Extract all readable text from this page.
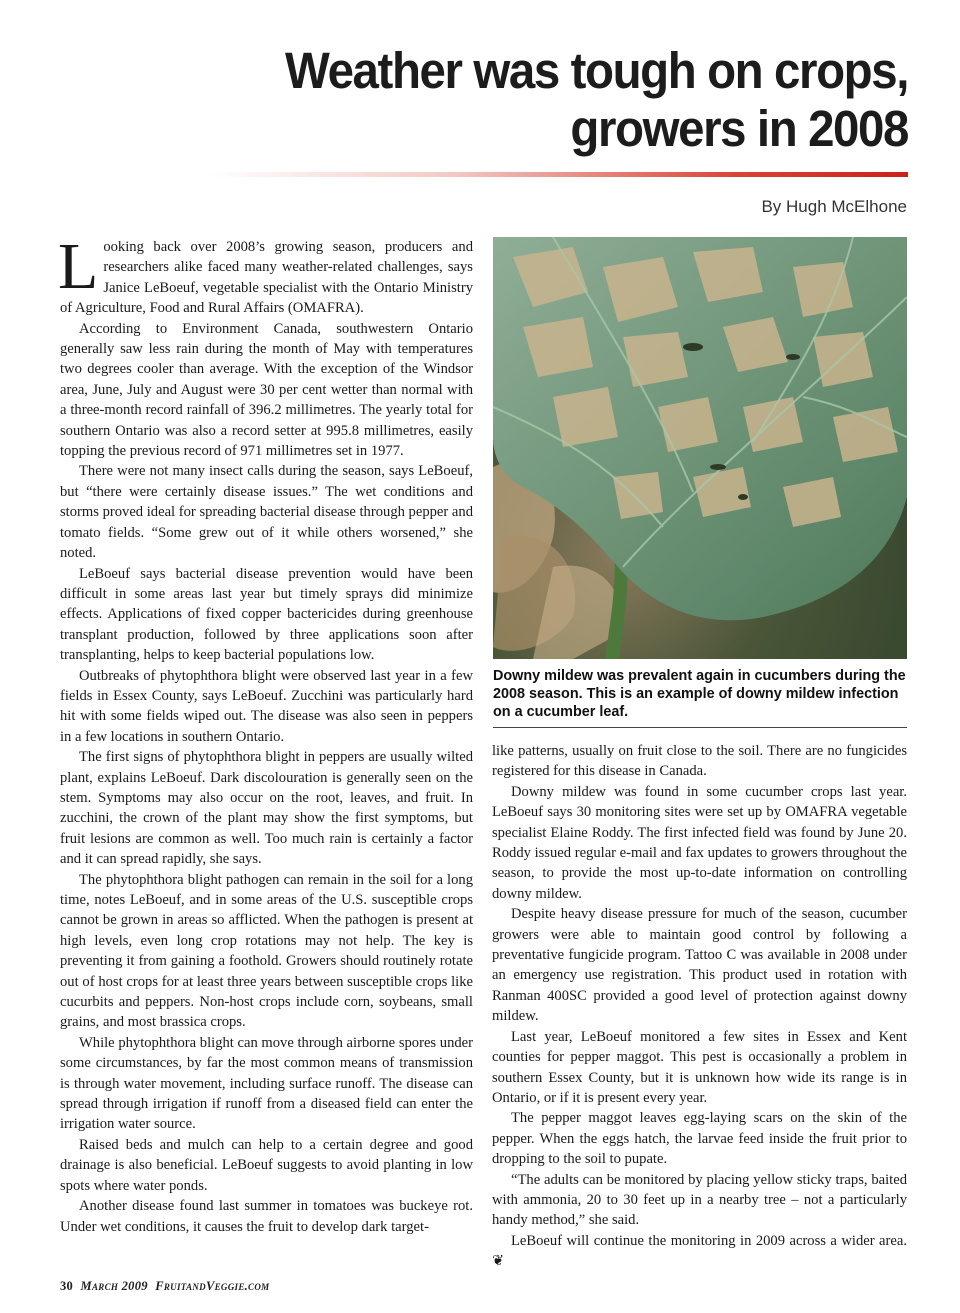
Weather was tough on crops,
growers in 2008
By Hugh McElhone

Looking back over 2008’s growing season, producers and researchers alike faced many weather-related challenges, says Janice LeBoeuf, vegetable specialist with the Ontario Ministry of Agriculture, Food and Rural Affairs (OMAFRA).

According to Environment Canada, southwestern Ontario generally saw less rain during the month of May with temperatures two degrees cooler than average. With the exception of the Windsor area, June, July and August were 30 per cent wetter than normal with a three-month record rainfall of 396.2 millimetres. The yearly total for southern Ontario was also a record setter at 995.8 millimetres, easily topping the previous record of 971 millimetres set in 1977.

There were not many insect calls during the season, says LeBoeuf, but “there were certainly disease issues.” The wet conditions and storms proved ideal for spreading bacterial disease through pepper and tomato fields. “Some grew out of it while others worsened,” she noted.

LeBoeuf says bacterial disease prevention would have been difficult in some areas last year but timely sprays did minimize effects. Applications of fixed copper bactericides during greenhouse transplant production, followed by three applications soon after transplanting, helps to keep bacterial populations low.

Outbreaks of phytophthora blight were observed last year in a few fields in Essex County, says LeBoeuf. Zucchini was particularly hard hit with some fields wiped out. The disease was also seen in peppers in a few locations in southern Ontario.

The first signs of phytophthora blight in peppers are usually wilted plant, explains LeBoeuf. Dark discolouration is generally seen on the stem. Symptoms may also occur on the root, leaves, and fruit. In zucchini, the crown of the plant may show the first symptoms, but fruit lesions are common as well. Too much rain is certainly a factor and it can spread rapidly, she says.

The phytophthora blight pathogen can remain in the soil for a long time, notes LeBoeuf, and in some areas of the U.S. susceptible crops cannot be grown in areas so afflicted. When the pathogen is present at high levels, even long crop rotations may not help. The key is preventing it from gaining a foothold. Growers should routinely rotate out of host crops for at least three years between susceptible crops like cucurbits and peppers. Non-host crops include corn, soybeans, small grains, and most brassica crops.

While phytophthora blight can move through airborne spores under some circumstances, by far the most common means of transmission is through water movement, including surface runoff. The disease can spread through irrigation if runoff from a diseased field can enter the irrigation water source.

Raised beds and mulch can help to a certain degree and good drainage is also beneficial. LeBoeuf suggests to avoid planting in low spots where water ponds.

Another disease found last summer in tomatoes was buckeye rot. Under wet conditions, it causes the fruit to develop dark target-

Downy mildew was prevalent again in cucumbers during the 2008 season. This is an example of downy mildew infection on a cucumber leaf.

like patterns, usually on fruit close to the soil. There are no fungicides registered for this disease in Canada.

Downy mildew was found in some cucumber crops last year. LeBoeuf says 30 monitoring sites were set up by OMAFRA vegetable specialist Elaine Roddy. The first infected field was found by June 20. Roddy issued regular e-mail and fax updates to growers throughout the season, to provide the most up-to-date information on controlling downy mildew.

Despite heavy disease pressure for much of the season, cucumber growers were able to maintain good control by following a preventative fungicide program. Tattoo C was available in 2008 under an emergency use registration. This product used in rotation with Ranman 400SC provided a good level of protection against downy mildew.

Last year, LeBoeuf monitored a few sites in Essex and Kent counties for pepper maggot. This pest is occasionally a problem in southern Essex County, but it is unknown how wide its range is in Ontario, or if it is present every year.

The pepper maggot leaves egg-laying scars on the skin of the pepper. When the eggs hatch, the larvae feed inside the fruit prior to dropping to the soil to pupate.

“The adults can be monitored by placing yellow sticky traps, baited with ammonia, 20 to 30 feet up in a nearby tree – not a particularly handy method,” she said.

LeBoeuf will continue the monitoring in 2009 across a wider area. ❦

30 March 2009 FruitandVeggie.com
